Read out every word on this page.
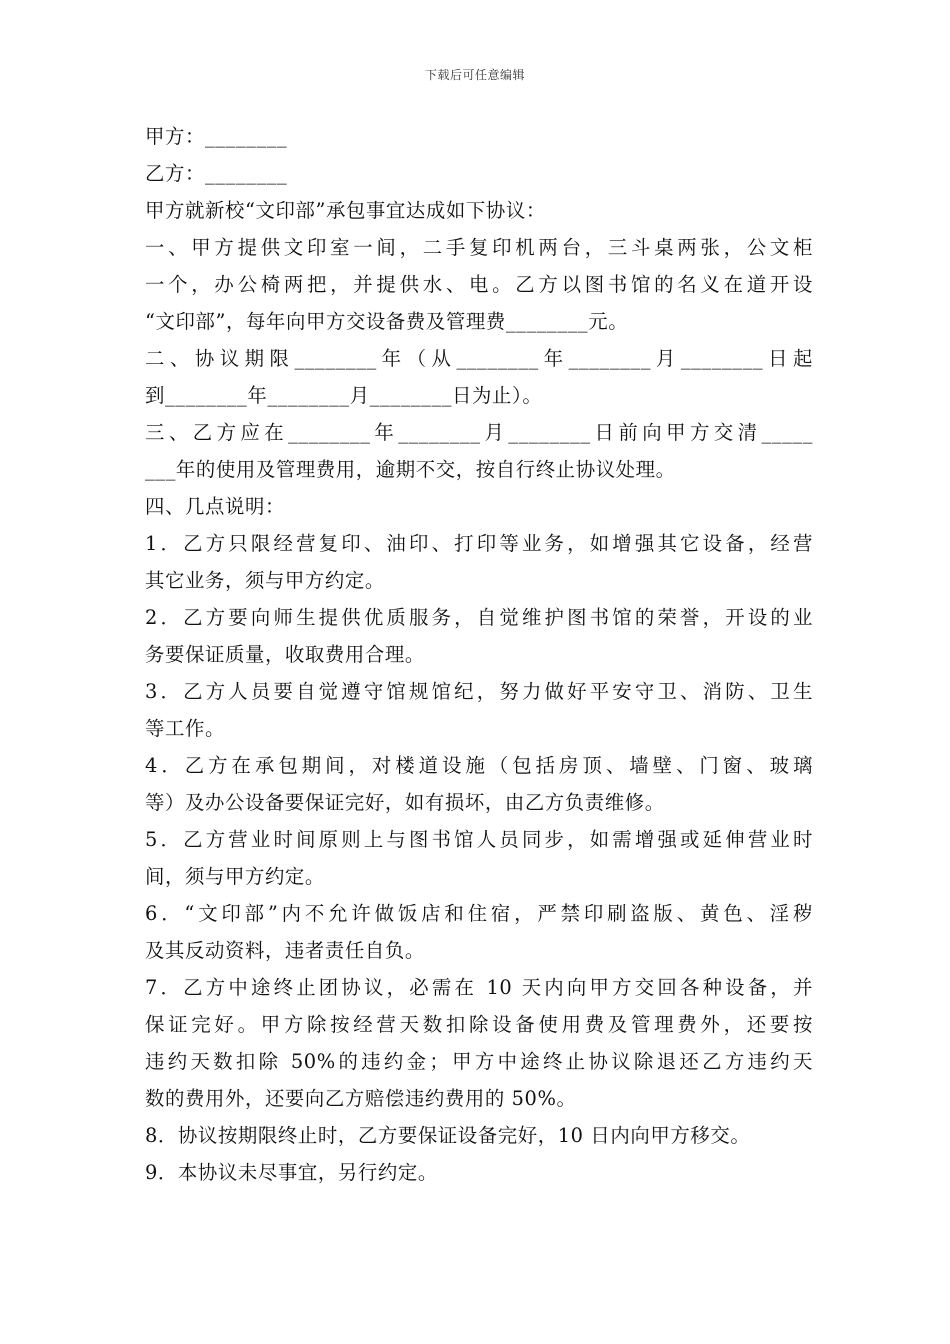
下载后可任意编辑
甲方：________
乙方：________
甲方就新校“文印部”承包事宜达成如下协议：
一、甲方提供文印室一间，二手复印机两台，三斗桌两张，公文柜
一个，办公椅两把，并提供水、电。乙方以图书馆的名义在道开设
“文印部”，每年向甲方交设备费及管理费________元。
二、协议期限________年（从________年________月________日起
到________年________月________日为止）。
三、乙方应在________年________月________日前向甲方交清_____
___年的使用及管理费用，逾期不交，按自行终止协议处理。
四、几点说明：
1．乙方只限经营复印、油印、打印等业务，如增强其它设备，经营
其它业务，须与甲方约定。
2．乙方要向师生提供优质服务，自觉维护图书馆的荣誉，开设的业
务要保证质量，收取费用合理。
3．乙方人员要自觉遵守馆规馆纪，努力做好平安守卫、消防、卫生
等工作。
4．乙方在承包期间，对楼道设施（包括房顶、墙壁、门窗、玻璃
等）及办公设备要保证完好，如有损坏，由乙方负责维修。
5．乙方营业时间原则上与图书馆人员同步，如需增强或延伸营业时
间，须与甲方约定。
6．“文印部”内不允许做饭店和住宿，严禁印刷盗版、黄色、淫秽
及其反动资料，违者责任自负。
7．乙方中途终止团协议，必需在 10 天内向甲方交回各种设备，并
保证完好。甲方除按经营天数扣除设备使用费及管理费外，还要按
违约天数扣除 50%的违约金；甲方中途终止协议除退还乙方违约天
数的费用外，还要向乙方赔偿违约费用的 50%。
8．协议按期限终止时，乙方要保证设备完好，10 日内向甲方移交。
9．本协议未尽事宜，另行约定。
